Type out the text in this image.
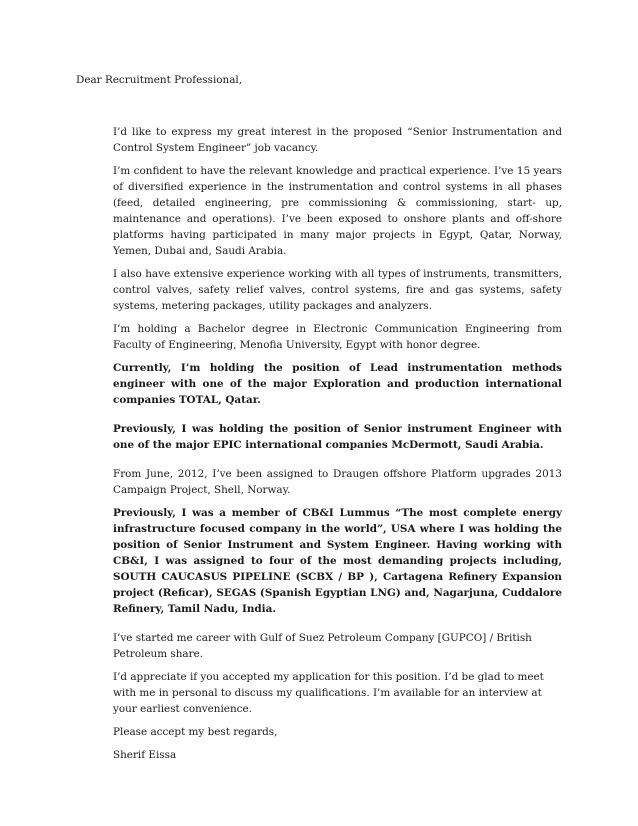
Dear Recruitment Professional,

I’d like to express my great interest in the proposed “Senior Instrumentation and Control System Engineer” job vacancy.

I’m confident to have the relevant knowledge and practical experience. I’ve 15 years of diversified experience in the instrumentation and control systems in all phases (feed, detailed engineering, pre commissioning & commissioning, start- up, maintenance and operations). I’ve been exposed to onshore plants and off-shore platforms having participated in many major projects in Egypt, Qatar, Norway, Yemen, Dubai and, Saudi Arabia.

I also have extensive experience working with all types of instruments, transmitters, control valves, safety relief valves, control systems, fire and gas systems, safety systems, metering packages, utility packages and analyzers.

I’m holding a Bachelor degree in Electronic Communication Engineering from Faculty of Engineering, Menofia University, Egypt with honor degree.

Currently, I’m holding the position of Lead instrumentation methods engineer with one of the major Exploration and production international companies TOTAL, Qatar.

Previously, I was holding the position of Senior instrument Engineer with one of the major EPIC international companies McDermott, Saudi Arabia.

From June, 2012, I’ve been assigned to Draugen offshore Platform upgrades 2013 Campaign Project, Shell, Norway.

Previously, I was a member of CB&I Lummus “The most complete energy infrastructure focused company in the world”, USA where I was holding the position of Senior Instrument and System Engineer. Having working with CB&I, I was assigned to four of the most demanding projects including, SOUTH CAUCASUS PIPELINE (SCBX / BP ), Cartagena Refinery Expansion project (Reficar), SEGAS (Spanish Egyptian LNG) and, Nagarjuna, Cuddalore Refinery, Tamil Nadu, India.

I’ve started me career with Gulf of Suez Petroleum Company [GUPCO] / British Petroleum share.

I’d appreciate if you accepted my application for this position. I’d be glad to meet with me in personal to discuss my qualifications. I’m available for an interview at your earliest convenience.

Please accept my best regards,

Sherif Eissa
